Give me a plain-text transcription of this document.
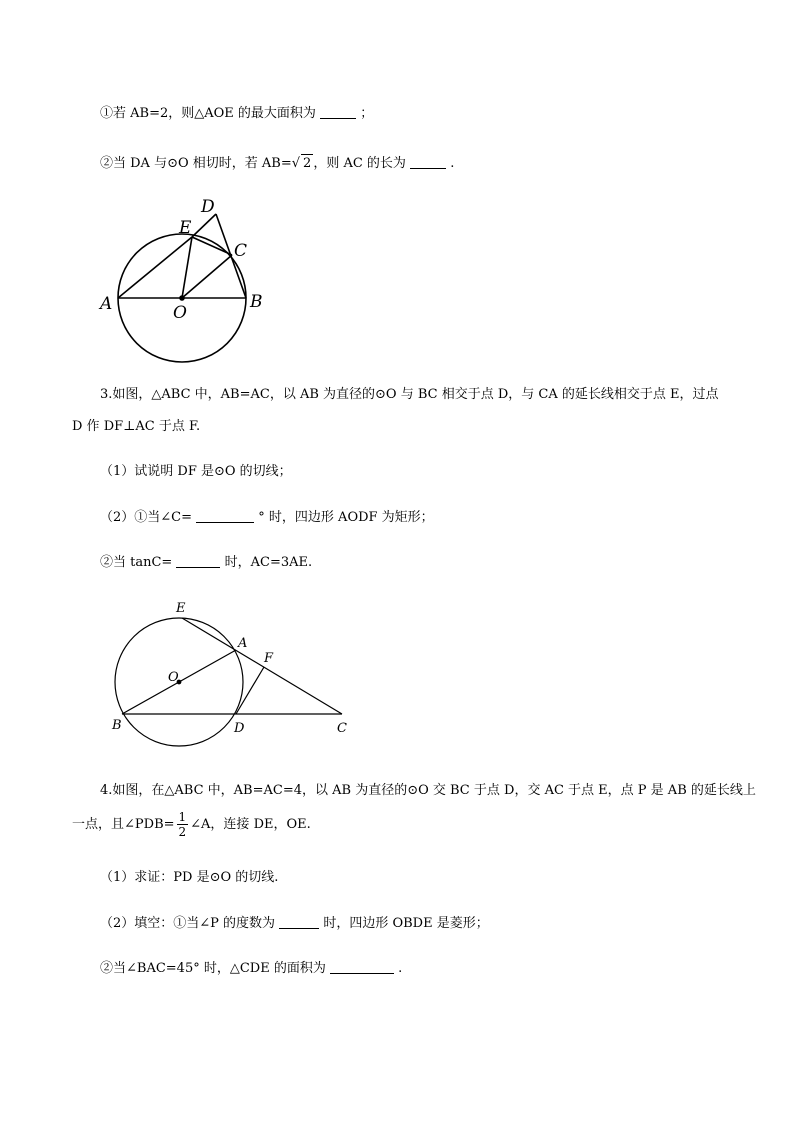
①若 AB=2，则△AOE 的最大面积为	；
②当 DA 与⊙O 相切时，若 AB=√ 2 ，则 AC 的长为	.
A	B
C
D
E
O
E
A
F
O
B	D	C
3.如图，△ABC 中，AB=AC，以 AB 为直径的⊙O 与 BC 相交于点 D，与 CA 的延长线相交于点 E，过点
D 作 DF⊥AC 于点 F.
（1）试说明 DF 是⊙O 的切线；
（2）①当∠C=	° 时，四边形 AODF 为矩形；
②当 tanC=	时，AC=3AE.
4.如图，在△ABC 中，AB=AC=4，以 AB 为直径的⊙O 交 BC 于点 D，交 AC 于点 E，点 P 是 AB 的延长线上
一点，且∠PDB= $\frac{1}{2}$ ∠A，连接 DE，OE.
（1）求证：PD 是⊙O 的切线.
（2）填空：①当∠P 的度数为	时，四边形 OBDE 是菱形；
②当∠BAC=45° 时，△CDE 的面积为	.
